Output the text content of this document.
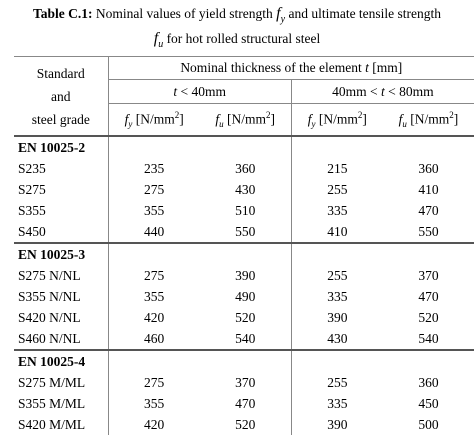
Table C.1: Nominal values of yield strength $f_y$ and ultimate tensile strength
$f_u$ for hot rolled structural steel
Standard
and
steel grade	Nominal thickness of the element t [mm]			
	t < 40mm		40mm < t < 80mm	
	$f_y$ $[N/mm^2]$	$f_u$ $[N/mm^2]$	$f_y$ $[N/mm^2]$	$f_u$ $[N/mm^2]$
EN 10025-2				
S235	235	360	215	360
S275	275	430	255	410
S355	355	510	335	470
S450	440	550	410	550
EN 10025-3				
S275 N/NL	275	390	255	370
S355 N/NL	355	490	335	470
S420 N/NL	420	520	390	520
S460 N/NL	460	540	430	540
EN 10025-4				
S275 M/ML	275	370	255	360
S355 M/ML	355	470	335	450
S420 M/ML	420	520	390	500
